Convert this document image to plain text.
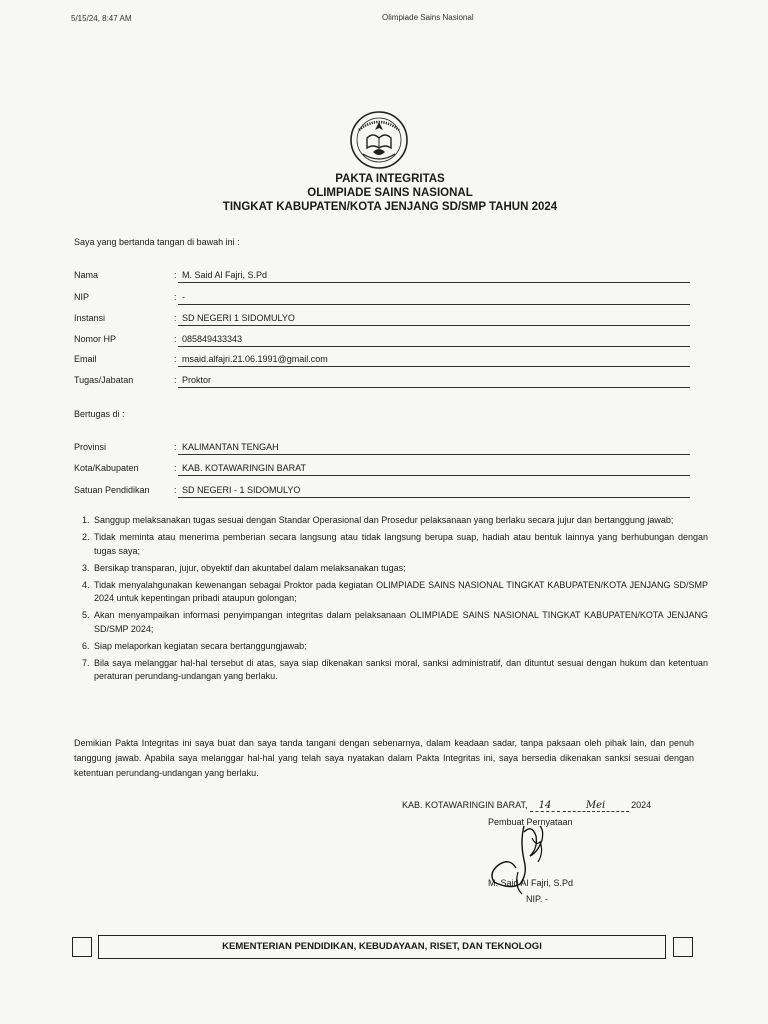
5/15/24, 8:47 AM	Olimpiade Sains Nasional
PAKTA INTEGRITAS
OLIMPIADE SAINS NASIONAL
TINGKAT KABUPATEN/KOTA JENJANG SD/SMP TAHUN 2024
Saya yang bertanda tangan di bawah ini :
Nama	: M. Said Al Fajri, S.Pd
NIP	: -
Instansi	: SD NEGERI 1 SIDOMULYO
Nomor HP	: 085849433343
Email	: msaid.alfajri.21.06.1991@gmail.com
Tugas/Jabatan	: Proktor
Bertugas di :
Provinsi	: KALIMANTAN TENGAH
Kota/Kabupaten	: KAB. KOTAWARINGIN BARAT
Satuan Pendidikan	: SD NEGERI - 1 SIDOMULYO
1. Sanggup melaksanakan tugas sesuai dengan Standar Operasional dan Prosedur pelaksanaan yang berlaku secara jujur dan bertanggung jawab;
2. Tidak meminta atau menerima pemberian secara langsung atau tidak langsung berupa suap, hadiah atau bentuk lainnya yang berhubungan dengan tugas saya;
3. Bersikap transparan, jujur, obyektif dan akuntabel dalam melaksanakan tugas;
4. Tidak menyalahgunakan kewenangan sebagai Proktor pada kegiatan OLIMPIADE SAINS NASIONAL TINGKAT KABUPATEN/KOTA JENJANG SD/SMP 2024 untuk kepentingan pribadi ataupun golongan;
5. Akan menyampaikan informasi penyimpangan integritas dalam pelaksanaan OLIMPIADE SAINS NASIONAL TINGKAT KABUPATEN/KOTA JENJANG SD/SMP 2024;
6. Siap melaporkan kegiatan secara bertanggungjawab;
7. Bila saya melanggar hal-hal tersebut di atas, saya siap dikenakan sanksi moral, sanksi administratif, dan dituntut sesuai dengan hukum dan ketentuan peraturan perundang-undangan yang berlaku.
Demikian Pakta Integritas ini saya buat dan saya tanda tangani dengan sebenarnya, dalam keadaan sadar, tanpa paksaan oleh pihak lain, dan penuh tanggung jawab. Apabila saya melanggar hal-hal yang telah saya nyatakan dalam Pakta Integritas ini, saya bersedia dikenakan sanksi sesuai dengan ketentuan perundang-undangan yang berlaku.
KAB. KOTAWARINGIN BARAT, 14	Mei	2024
Pembuat Pernyataan
M. Said Al Fajri, S.Pd
NIP. -
KEMENTERIAN PENDIDIKAN, KEBUDAYAAN, RISET, DAN TEKNOLOGI
